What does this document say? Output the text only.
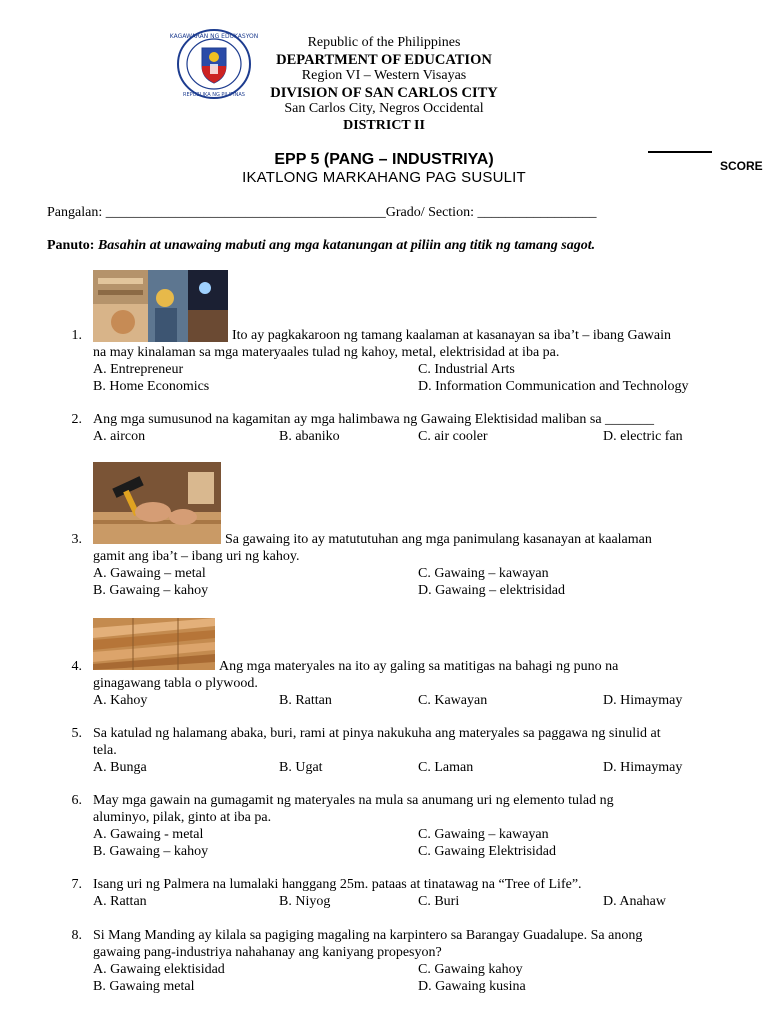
KAGAWARAN NG EDUKASYON
REPUBLIKA NG PILIPINAS
Republic of the Philippines
DEPARTMENT OF EDUCATION
Region VI – Western Visayas
DIVISION OF SAN CARLOS CITY
San Carlos City, Negros Occidental
DISTRICT II
EPP 5 (PANG – INDUSTRIYA)
IKATLONG MARKAHANG PAG SUSULIT
SCORE
Pangalan: ________________________________________Grado/ Section: _________________
Panuto: Basahin at unawaing mabuti ang mga katanungan at piliin ang titik ng tamang sagot.
1.	Ito ay pagkakaroon ng tamang kaalaman at kasanayan sa iba’t – ibang Gawain
na may kinalaman sa mga materyaales tulad ng kahoy, metal, elektrisidad at iba pa.
A. Entrepreneur	C. Industrial Arts
B. Home Economics	D. Information Communication and Technology
2. Ang mga sumusunod na kagamitan ay mga halimbawa ng Gawaing Elektisidad maliban sa _______
A. aircon	B. abaniko	C. air cooler	D. electric fan
3.	Sa gawaing ito ay matututuhan ang mga panimulang kasanayan at kaalaman
gamit ang iba’t – ibang uri ng kahoy.
A. Gawaing – metal	C. Gawaing – kawayan
B. Gawaing – kahoy	D. Gawaing – elektrisidad
4.	Ang mga materyales na ito ay galing sa matitigas na bahagi ng puno na
ginagawang tabla o plywood.
A. Kahoy	B. Rattan	C. Kawayan	D. Himaymay
5. Sa katulad ng halamang abaka, buri, rami at pinya nakukuha ang materyales sa paggawa ng sinulid at
tela.
A. Bunga	B. Ugat	C. Laman	D. Himaymay
6. May mga gawain na gumagamit ng materyales na mula sa anumang uri ng elemento tulad ng
aluminyo, pilak, ginto at iba pa.
A. Gawaing - metal	C. Gawaing – kawayan
B. Gawaing – kahoy	C. Gawaing Elektrisidad
7. Isang uri ng Palmera na lumalaki hanggang 25m. pataas at tinatawag na “Tree of Life”.
A. Rattan	B. Niyog	C. Buri	D. Anahaw
8. Si Mang Manding ay kilala sa pagiging magaling na karpintero sa Barangay Guadalupe. Sa anong
gawaing pang-industriya nahahanay ang kaniyang propesyon?
A. Gawaing elektisidad	C. Gawaing kahoy
B. Gawaing metal	D. Gawaing kusina
